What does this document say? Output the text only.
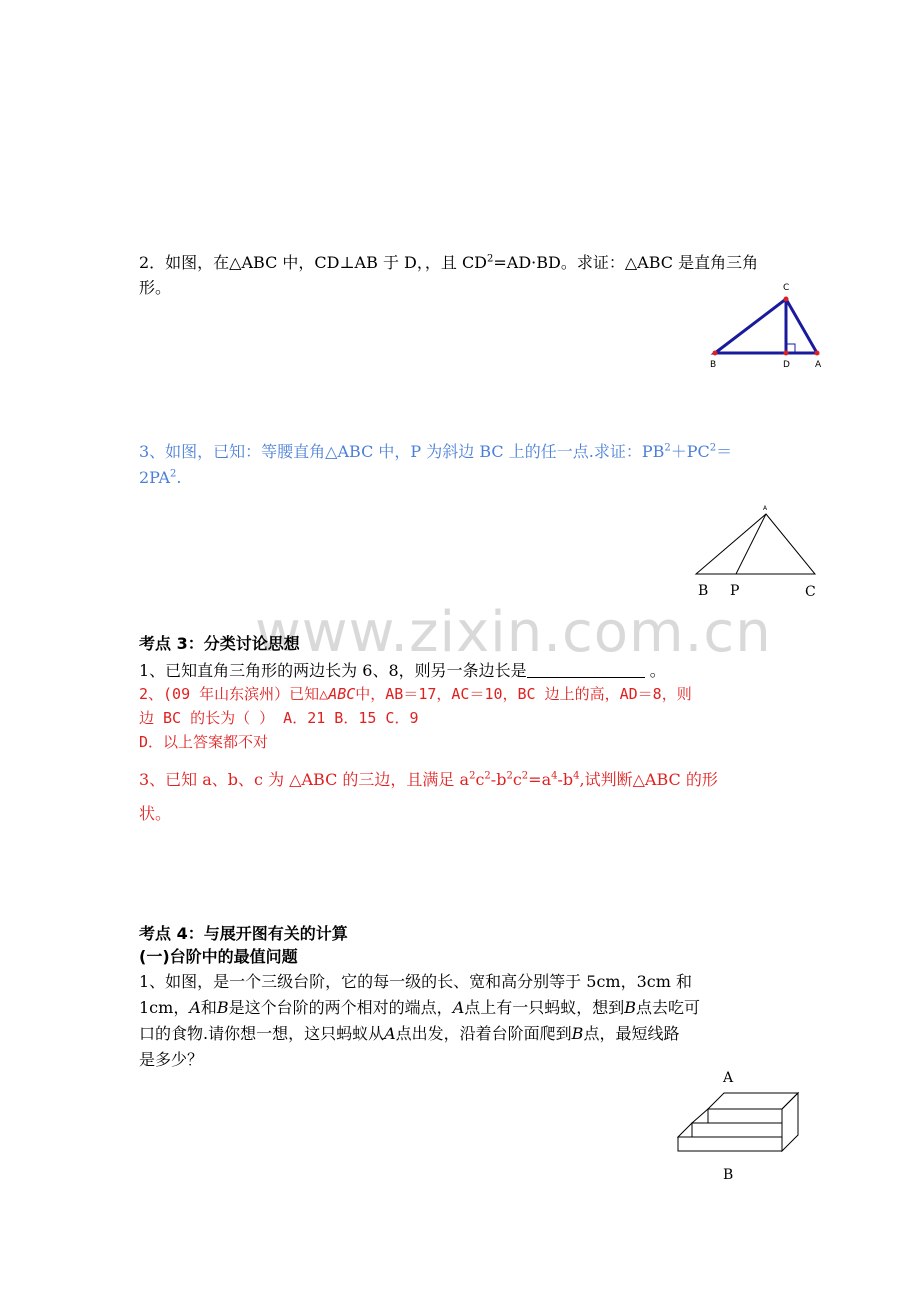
www.zixin.com.cn
2．如图，在△ABC 中，CD⊥AB 于 D，，且 $CD^2=AD\cdot BD$。求证：△ABC 是直角三角
形。	C
B	D	A
3、如图，已知：等腰直角△ABC 中，P 为斜边 BC 上的任一点.求证：$PB^2+PC^2=$
$2PA^2$.
A
B P	C
考点 3：分类讨论思想
1、已知直角三角形的两边长为 6、8，则另一条边长是	。
2、(09 年山东滨州）已知△ABC中，AB＝17，AC＝10，BC 边上的高，AD＝8，则
边 BC 的长为（ ） A．21 B．15 C．9
D．以上答案都不对
3、已知 a、b、c 为 △ABC 的三边，且满足 $a^2c^2-b^2c^2=a^4-b^4$,试判断△ABC 的形
状。
考点 4：与展开图有关的计算
(一)台阶中的最值问题
1、如图，是一个三级台阶，它的每一级的长、宽和高分别等于 5cm，3cm 和
1cm，A和B是这个台阶的两个相对的端点，A点上有一只蚂蚁，想到B点去吃可
口的食物.请你想一想，这只蚂蚁从A点出发，沿着台阶面爬到B点，最短线路
是多少？
A
B
